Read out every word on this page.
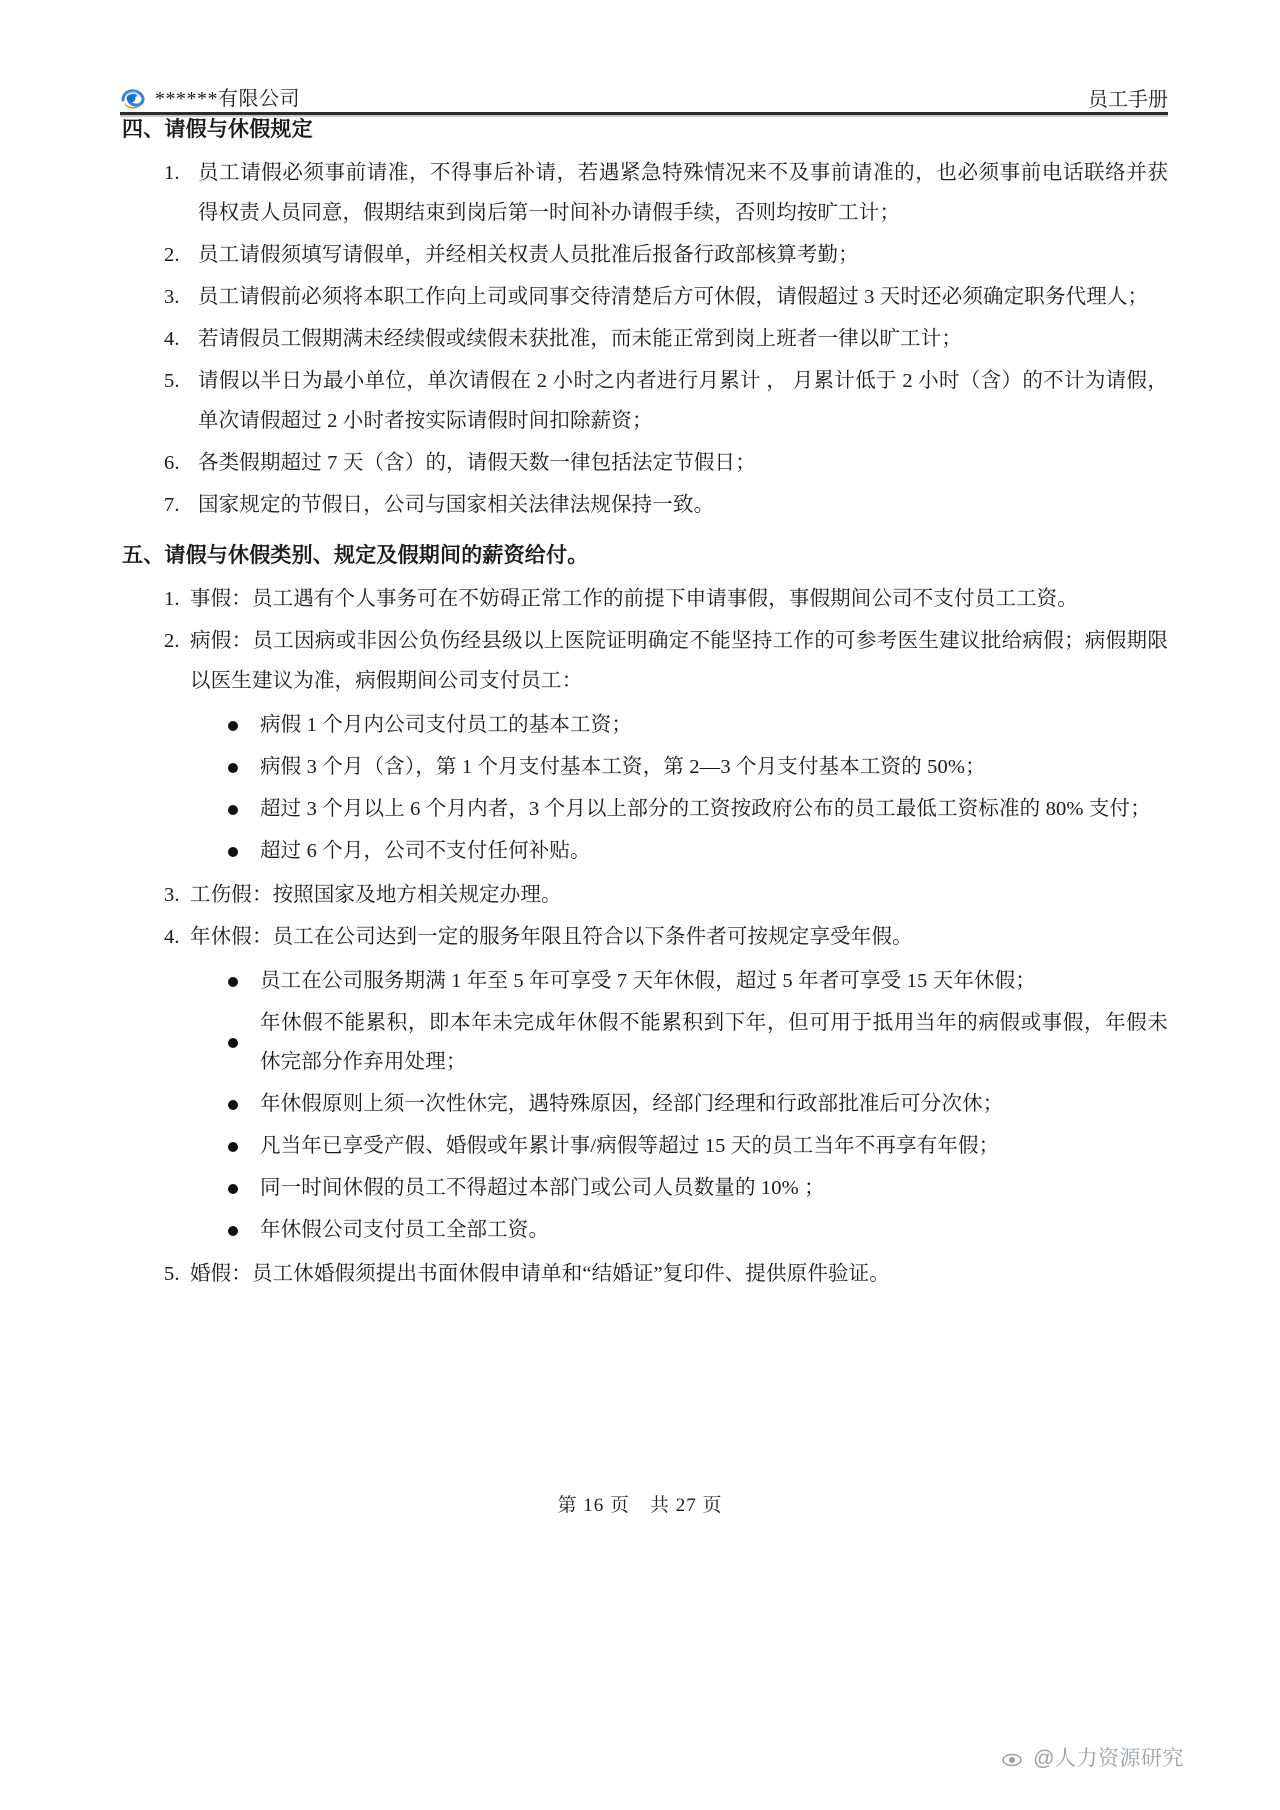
******有限公司	员工手册
四、请假与休假规定
1. 员工请假必须事前请准，不得事后补请，若遇紧急特殊情况来不及事前请准的，也必须事前电话联络并获得权责人员同意，假期结束到岗后第一时间补办请假手续，否则均按旷工计；
2. 员工请假须填写请假单，并经相关权责人员批准后报备行政部核算考勤；
3. 员工请假前必须将本职工作向上司或同事交待清楚后方可休假，请假超过 3 天时还必须确定职务代理人；
4. 若请假员工假期满未经续假或续假未获批准，而未能正常到岗上班者一律以旷工计；
5. 请假以半日为最小单位，单次请假在 2 小时之内者进行月累计 ， 月累计低于 2 小时（含）的不计为请假，单次请假超过 2 小时者按实际请假时间扣除薪资；
6. 各类假期超过 7 天（含）的，请假天数一律包括法定节假日；
7. 国家规定的节假日，公司与国家相关法律法规保持一致。
五、请假与休假类别、规定及假期间的薪资给付。
1. 事假：员工遇有个人事务可在不妨碍正常工作的前提下申请事假，事假期间公司不支付员工工资。
2. 病假：员工因病或非因公负伤经县级以上医院证明确定不能坚持工作的可参考医生建议批给病假；病假期限以医生建议为准，病假期间公司支付员工：
病假 1 个月内公司支付员工的基本工资；
病假 3 个月（含），第 1 个月支付基本工资，第 2—3 个月支付基本工资的 50%；
超过 3 个月以上 6 个月内者，3 个月以上部分的工资按政府公布的员工最低工资标准的 80% 支付；
超过 6 个月，公司不支付任何补贴。
3. 工伤假：按照国家及地方相关规定办理。
4. 年休假：员工在公司达到一定的服务年限且符合以下条件者可按规定享受年假。
员工在公司服务期满 1 年至 5 年可享受 7 天年休假，超过 5 年者可享受 15 天年休假；
年休假不能累积，即本年未完成年休假不能累积到下年，但可用于抵用当年的病假或事假，年假未休完部分作弃用处理；
年休假原则上须一次性休完，遇特殊原因，经部门经理和行政部批准后可分次休；
凡当年已享受产假、婚假或年累计事/病假等超过 15 天的员工当年不再享有年假；
同一时间休假的员工不得超过本部门或公司人员数量的 10% ；
年休假公司支付员工全部工资。
5. 婚假：员工休婚假须提出书面休假申请单和“结婚证”复印件、提供原件验证。
第 16 页　共 27 页
@人力资源研究
